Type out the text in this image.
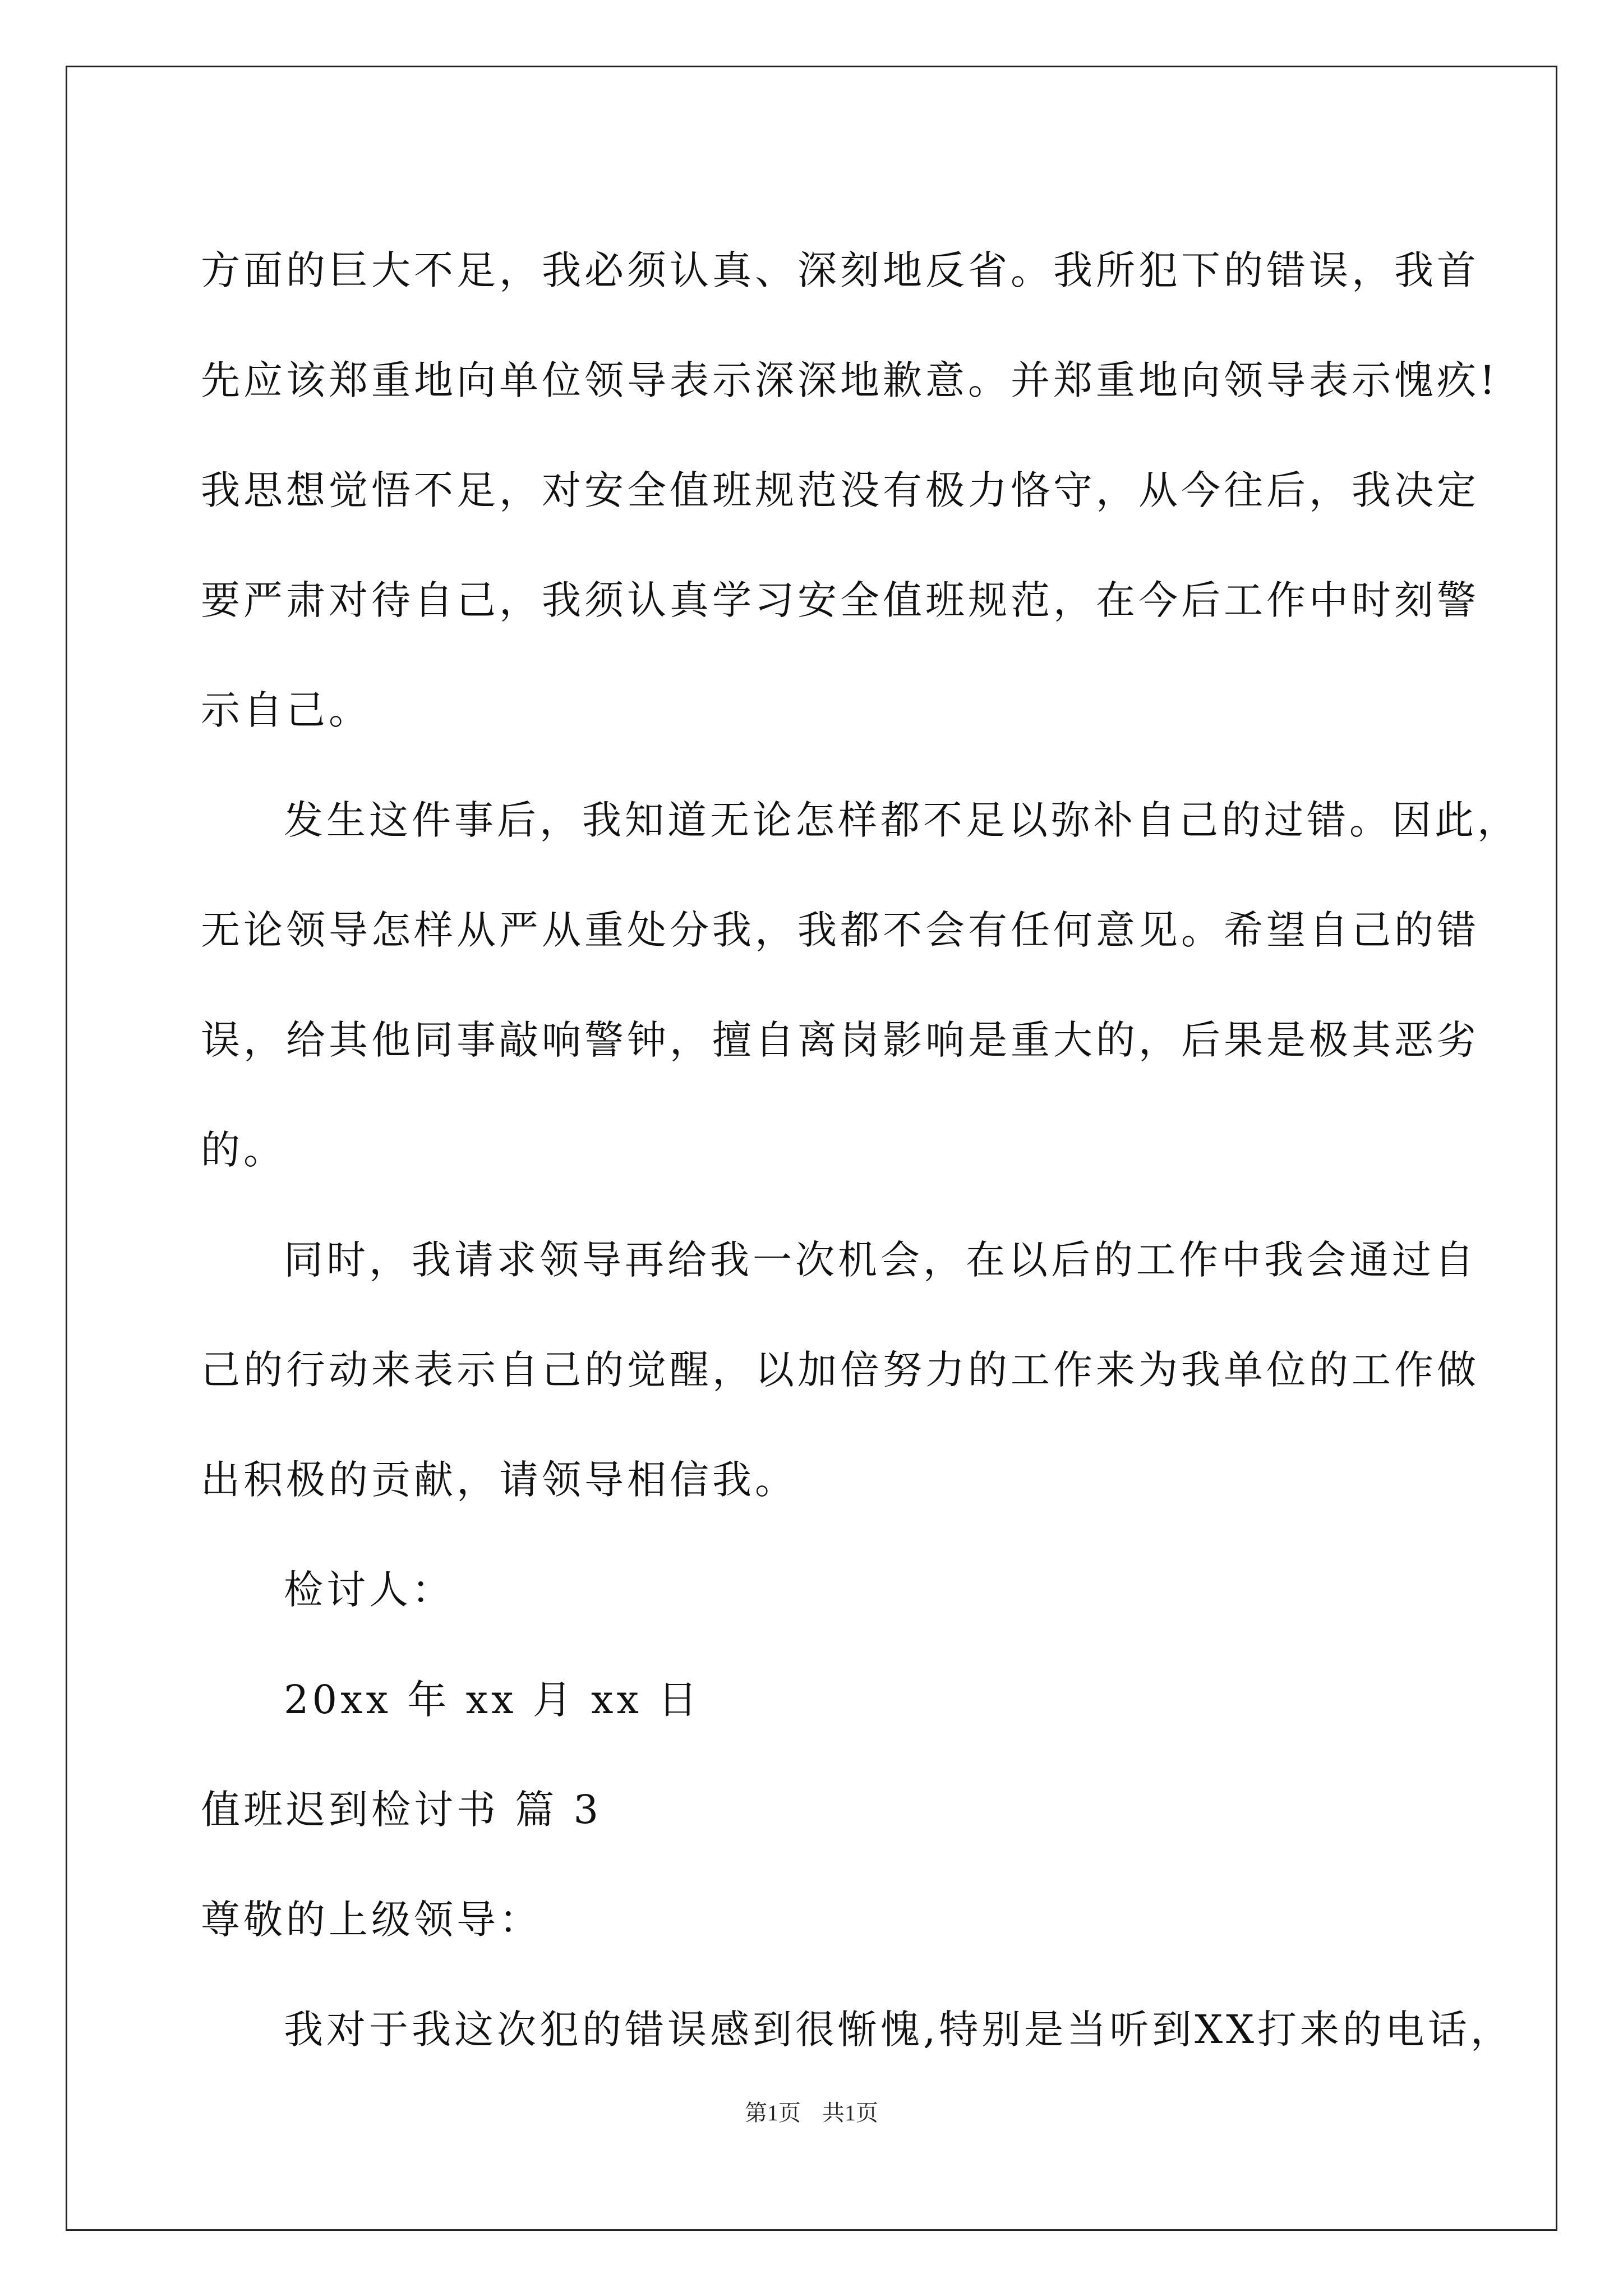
方面的巨大不足，我必须认真、深刻地反省。我所犯下的错误，我首
先应该郑重地向单位领导表示深深地歉意。并郑重地向领导表示愧疚!
我思想觉悟不足，对安全值班规范没有极力恪守，从今往后，我决定
要严肃对待自己，我须认真学习安全值班规范，在今后工作中时刻警
示自己。
发生这件事后，我知道无论怎样都不足以弥补自己的过错。因此，
无论领导怎样从严从重处分我，我都不会有任何意见。希望自己的错
误，给其他同事敲响警钟，擅自离岗影响是重大的，后果是极其恶劣
的。
同时，我请求领导再给我一次机会，在以后的工作中我会通过自
己的行动来表示自己的觉醒，以加倍努力的工作来为我单位的工作做
出积极的贡献，请领导相信我。
检讨人：
20xx 年 xx 月 xx 日
值班迟到检讨书 篇 3
尊敬的上级领导：
我对于我这次犯的错误感到很惭愧,特别是当听到XX打来的电话，
第1页 共1页
